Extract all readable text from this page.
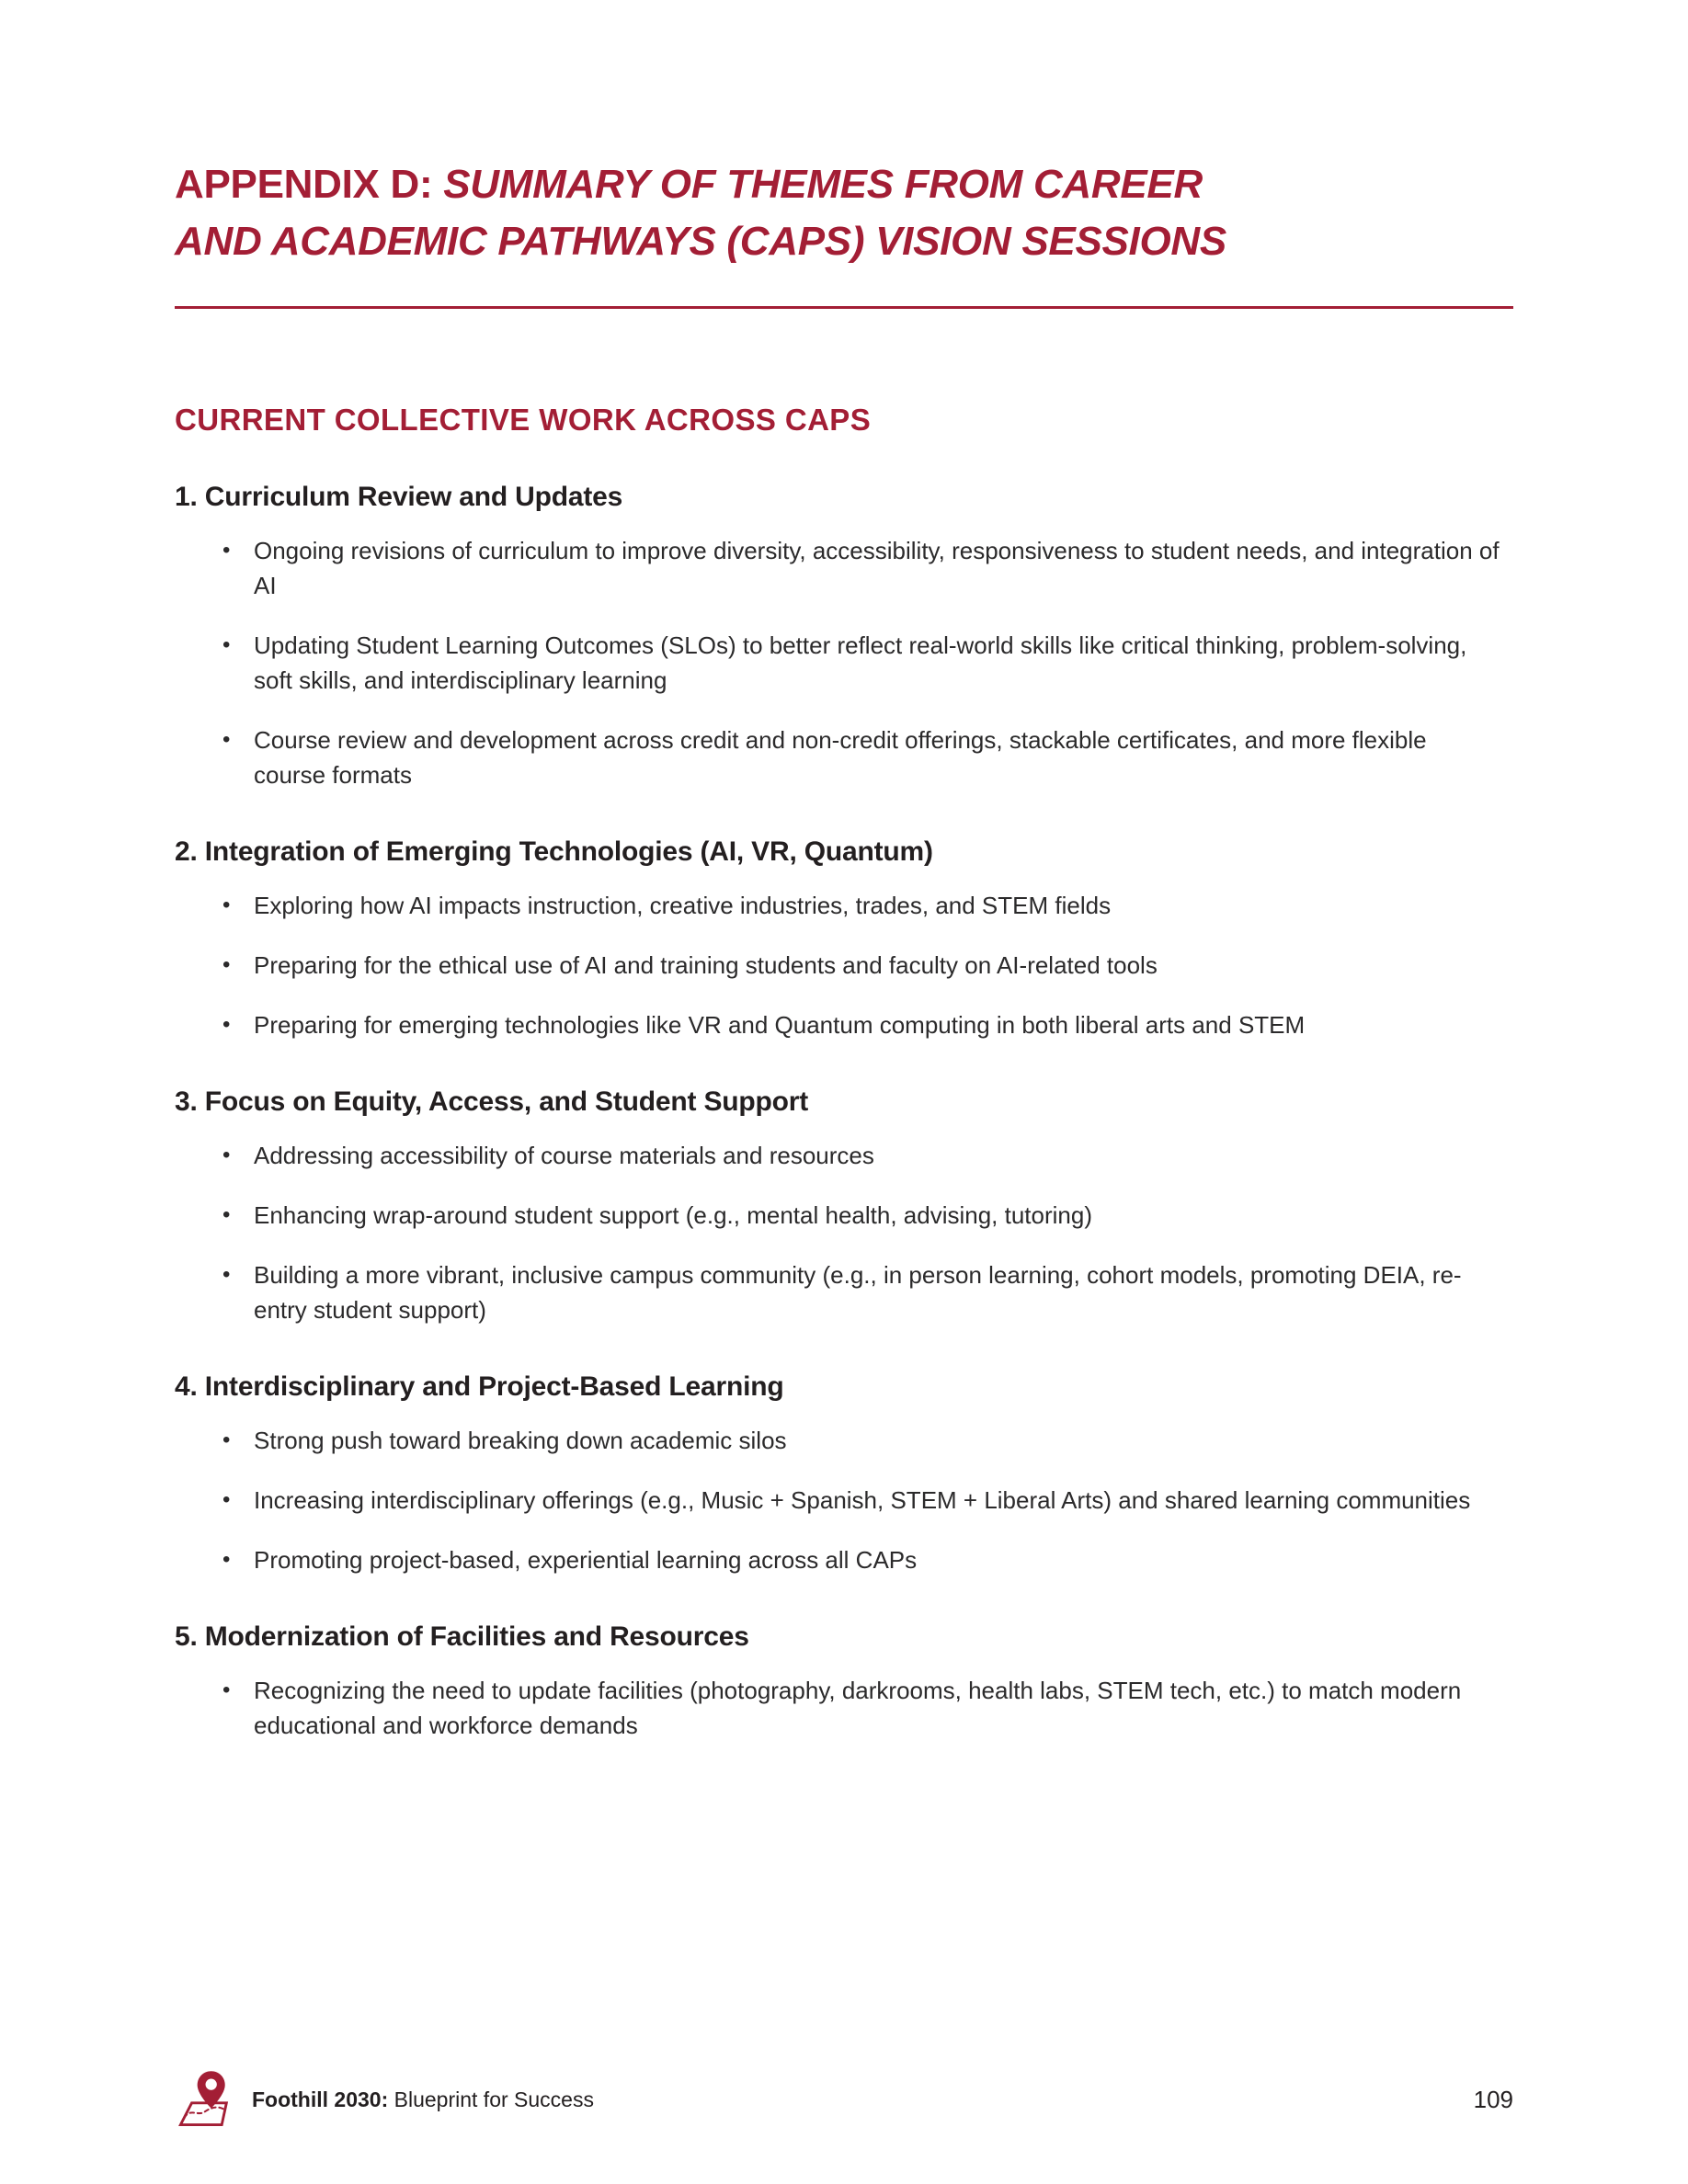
APPENDIX D: SUMMARY OF THEMES FROM CAREER
AND ACADEMIC PATHWAYS (CAPS) VISION SESSIONS
CURRENT COLLECTIVE WORK ACROSS CAPS
1. Curriculum Review and Updates
• Ongoing revisions of curriculum to improve diversity, accessibility, responsiveness to student needs, and integration of AI
• Updating Student Learning Outcomes (SLOs) to better reflect real-world skills like critical thinking, problem-solving, soft skills, and interdisciplinary learning
• Course review and development across credit and non-credit offerings, stackable certificates, and more flexible course formats
2. Integration of Emerging Technologies (AI, VR, Quantum)
• Exploring how AI impacts instruction, creative industries, trades, and STEM fields
• Preparing for the ethical use of AI and training students and faculty on AI-related tools
• Preparing for emerging technologies like VR and Quantum computing in both liberal arts and STEM
3. Focus on Equity, Access, and Student Support
• Addressing accessibility of course materials and resources
• Enhancing wrap-around student support (e.g., mental health, advising, tutoring)
• Building a more vibrant, inclusive campus community (e.g., in person learning, cohort models, promoting DEIA, re-entry student support)
4. Interdisciplinary and Project-Based Learning
• Strong push toward breaking down academic silos
• Increasing interdisciplinary offerings (e.g., Music + Spanish, STEM + Liberal Arts) and shared learning communities
• Promoting project-based, experiential learning across all CAPs
5. Modernization of Facilities and Resources
• Recognizing the need to update facilities (photography, darkrooms, health labs, STEM tech, etc.) to match modern educational and workforce demands
Foothill 2030: Blueprint for Success	109
